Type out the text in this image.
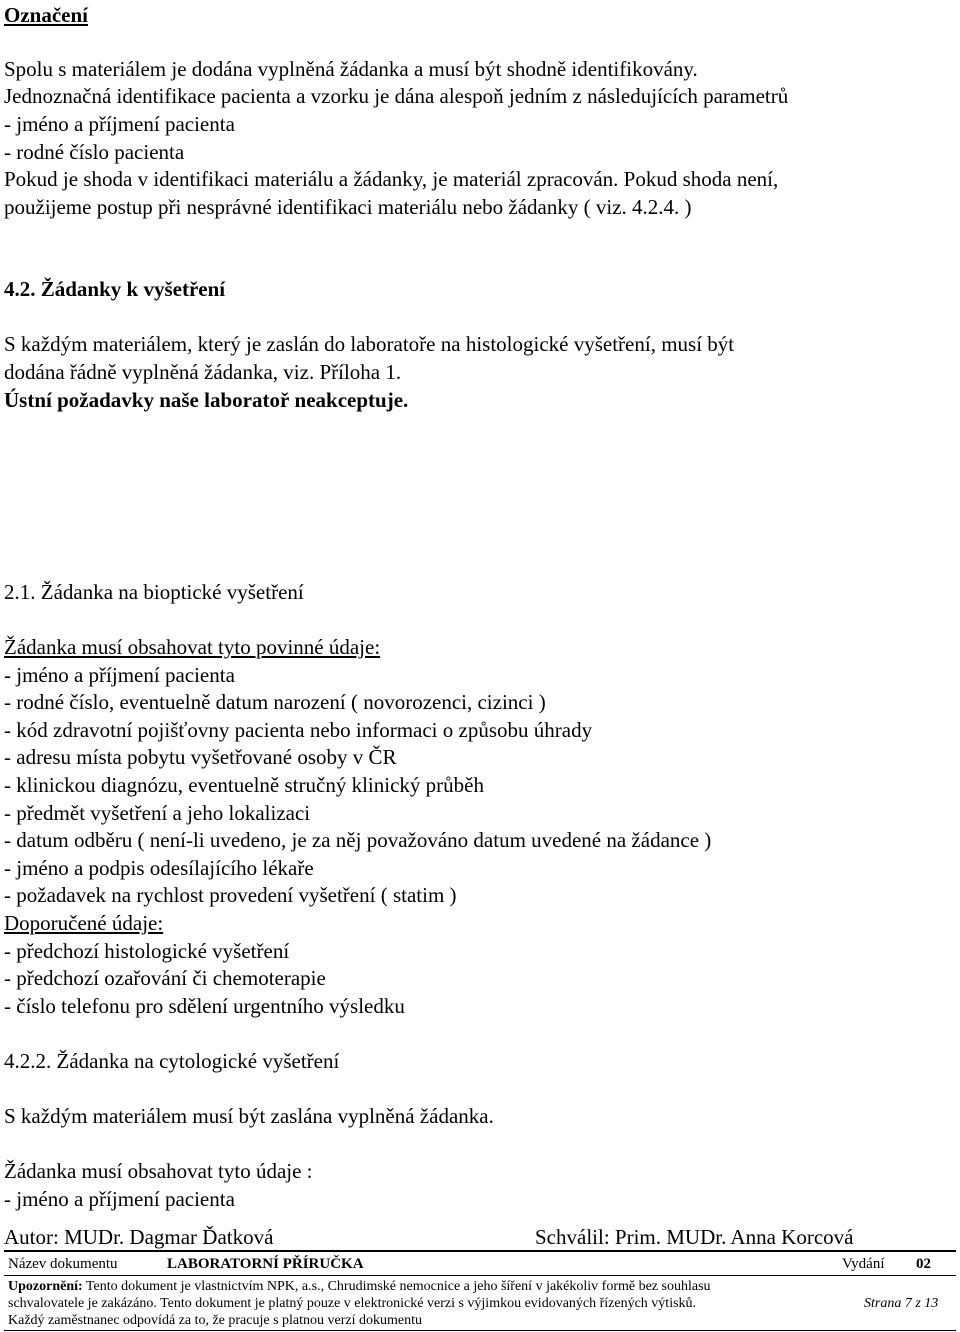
Označení
Spolu s materiálem je dodána vyplněná žádanka a musí být shodně identifikovány.
Jednoznačná identifikace pacienta a vzorku je dána alespoň jedním z následujících parametrů
- jméno a příjmení pacienta
- rodné číslo pacienta
Pokud je shoda v identifikaci materiálu a žádanky, je materiál zpracován. Pokud shoda není,
použijeme postup při nesprávné identifikaci materiálu nebo žádanky ( viz. 4.2.4. )
4.2. Žádanky k vyšetření
S každým materiálem, který je zaslán do laboratoře na histologické vyšetření, musí být
dodána řádně vyplněná žádanka, viz. Příloha 1.
Ústní požadavky naše laboratoř neakceptuje.
2.1. Žádanka na bioptické vyšetření
Žádanka musí obsahovat tyto povinné údaje:
- jméno a příjmení pacienta
- rodné číslo, eventuelně datum narození ( novorozenci, cizinci )
- kód zdravotní pojišťovny pacienta nebo informaci o způsobu úhrady
- adresu místa pobytu vyšetřované osoby v ČR
- klinickou diagnózu, eventuelně stručný klinický průběh
- předmět vyšetření a jeho lokalizaci
- datum odběru ( není-li uvedeno, je za něj považováno datum uvedené na žádance )
- jméno a podpis odesílajícího lékaře
- požadavek na rychlost provedení vyšetření ( statim )
Doporučené údaje:
- předchozí histologické vyšetření
- předchozí ozařování či chemoterapie
- číslo telefonu pro sdělení urgentního výsledku
4.2.2. Žádanka na cytologické vyšetření
S každým materiálem musí být zaslána vyplněná žádanka.
Žádanka musí obsahovat tyto údaje :
- jméno a příjmení pacienta
Autor: MUDr. Dagmar Ďatková	Schválil: Prim. MUDr. Anna Korcová
Název dokumentu	LABORATORNÍ PŘÍRUČKA	Vydání 02
Upozornění: Tento dokument je vlastnictvím NPK, a.s., Chrudimské nemocnice a jeho šíření v jakékoliv formě bez souhlasu
schvalovatele je zakázáno. Tento dokument je platný pouze v elektronické verzi s výjimkou evidovaných řízených výtisků.
Každý zaměstnanec odpovídá za to, že pracuje s platnou verzí dokumentu
Strana 7 z 13
